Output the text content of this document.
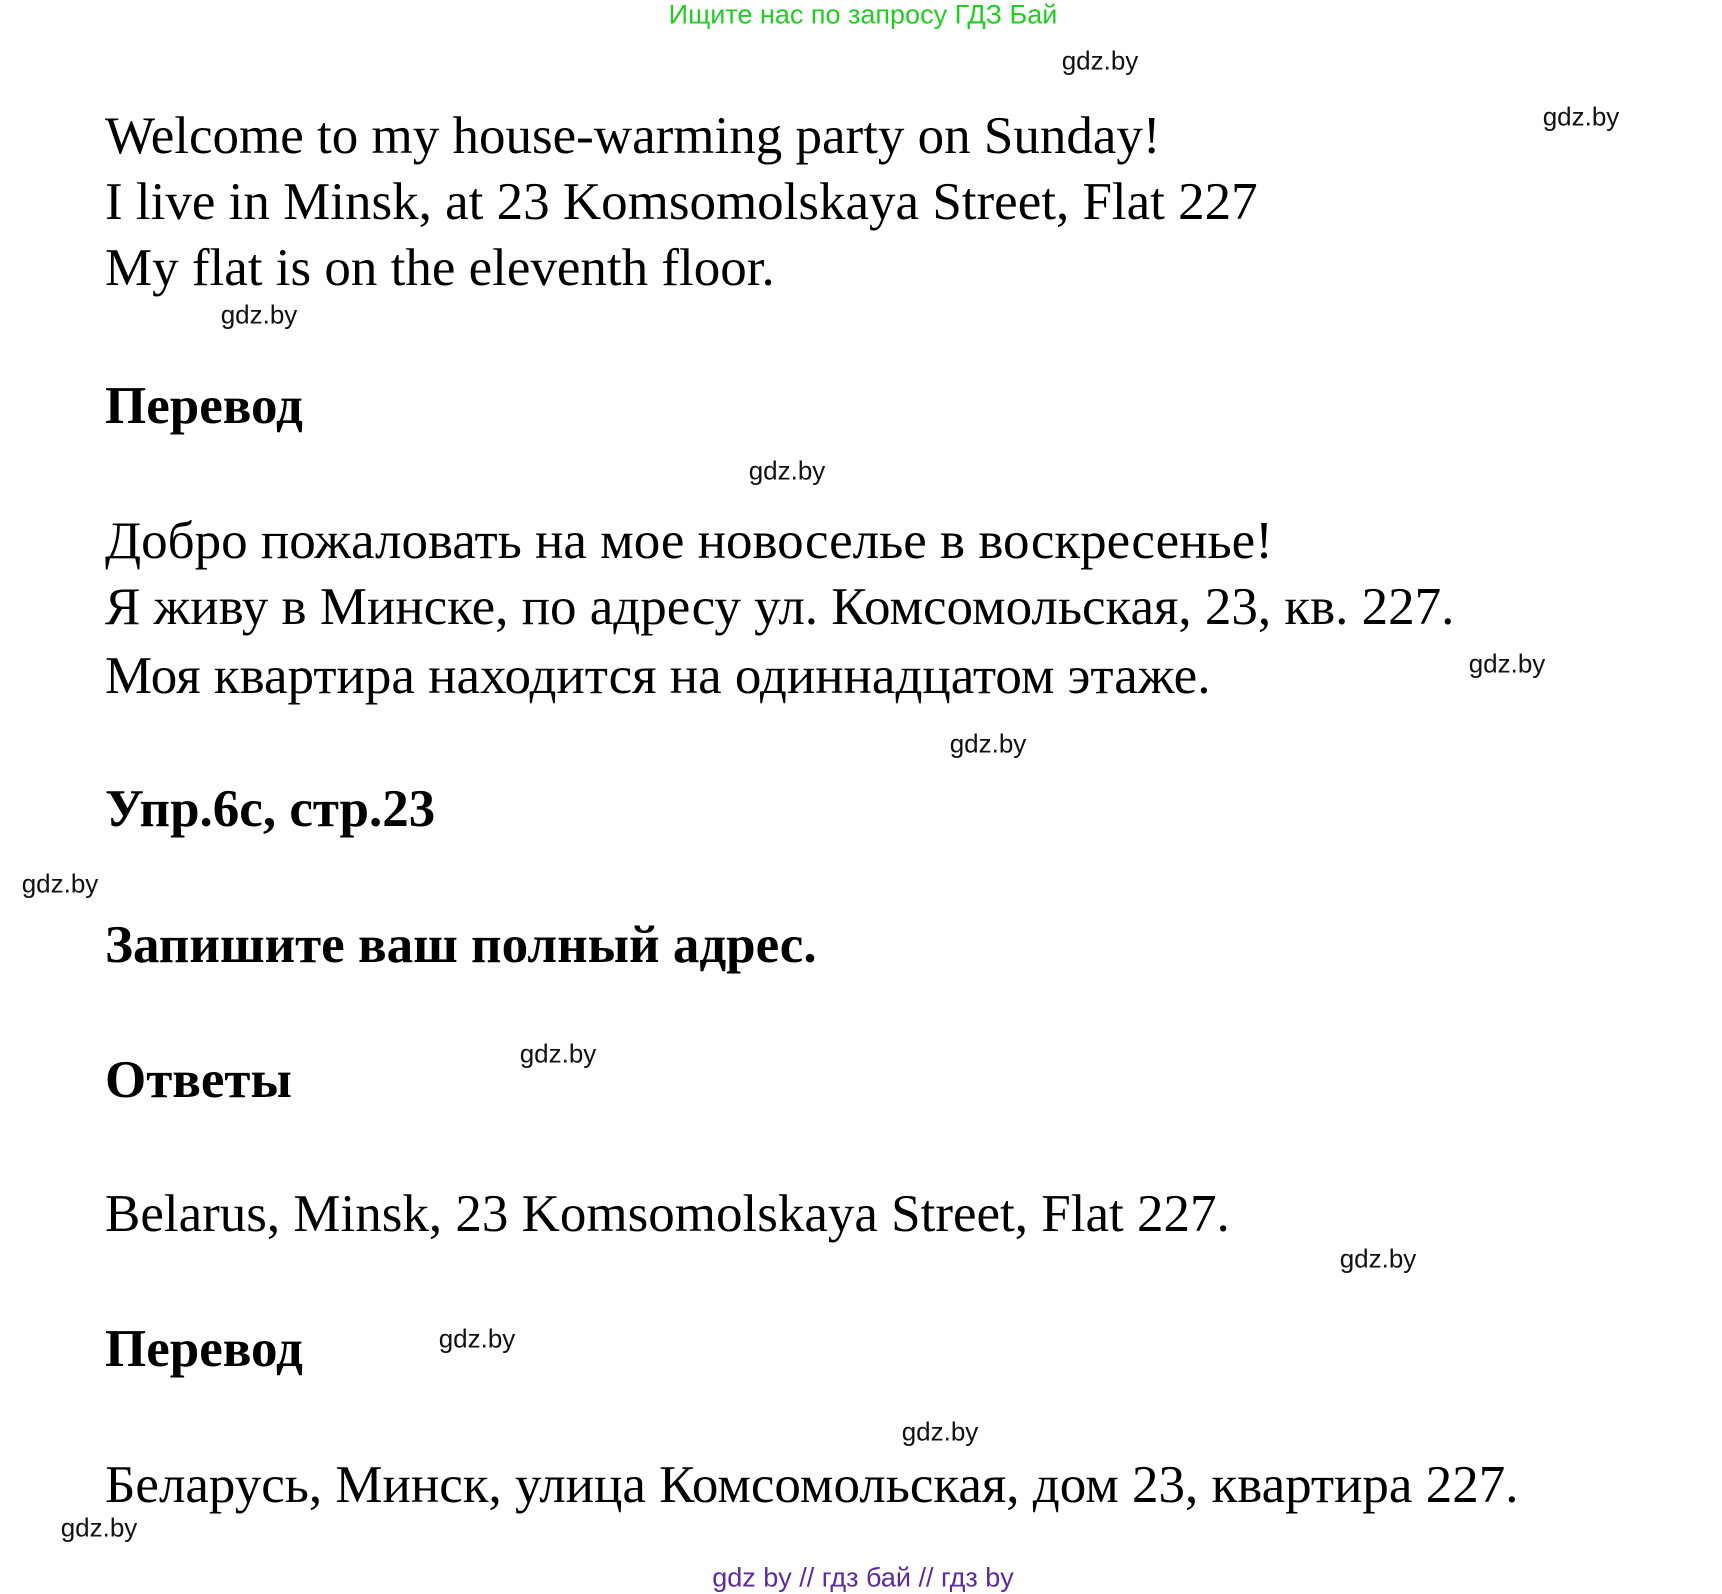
Ищите нас по запросу ГДЗ Бай
gdz.by
gdz.by
Welcome to my house-warming party on Sunday!
I live in Minsk, at 23 Komsomolskaya Street, Flat 227
My flat is on the eleventh floor.
gdz.by
Перевод
gdz.by
Добро пожаловать на мое новоселье в воскресенье!
Я живу в Минске, по адресу ул. Комсомольская, 23, кв. 227.
Моя квартира находится на одиннадцатом этаже.	gdz.by
gdz.by
Упр.6с, стр.23
gdz.by
Запишите ваш полный адрес.
Ответы	gdz.by
Belarus, Minsk, 23 Komsomolskaya Street, Flat 227.
gdz.by
Перевод	gdz.by
gdz.by
Беларусь, Минск, улица Комсомольская, дом 23, квартира 227.
gdz.by
gdz by // гдз бай // гдз by
